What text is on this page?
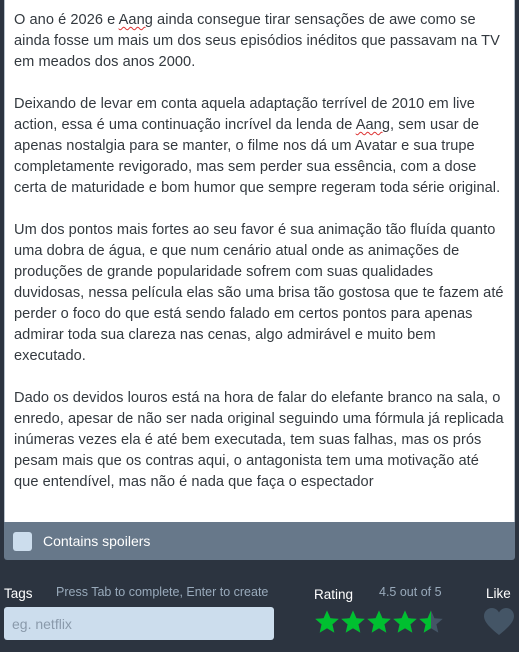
O ano é 2026 e Aang ainda consegue tirar sensações de awe como se ainda fosse um mais um dos seus episódios inéditos que passavam na TV em meados dos anos 2000.

Deixando de levar em conta aquela adaptação terrível de 2010 em live action, essa é uma continuação incrível da lenda de Aang, sem usar de apenas nostalgia para se manter, o filme nos dá um Avatar e sua trupe completamente revigorado, mas sem perder sua essência, com a dose certa de maturidade e bom humor que sempre regeram toda série original.

Um dos pontos mais fortes ao seu favor é sua animação tão fluída quanto uma dobra de água, e que num cenário atual onde as animações de produções de grande popularidade sofrem com suas qualidades duvidosas, nessa película elas são uma brisa tão gostosa que te fazem até perder o foco do que está sendo falado em certos pontos para apenas admirar toda sua clareza nas cenas, algo admirável e muito bem executado.

Dado os devidos louros está na hora de falar do elefante branco na sala, o enredo, apesar de não ser nada original seguindo uma fórmula já replicada inúmeras vezes ela é até bem executada, tem suas falhas, mas os prós pesam mais que os contras aqui, o antagonista tem uma motivação até que entendível, mas não é nada que faça o espectador

Contains spoilers
Tags Press Tab to complete, Enter to create
eg. netflix	Rating 4.5 out of 5	Like
